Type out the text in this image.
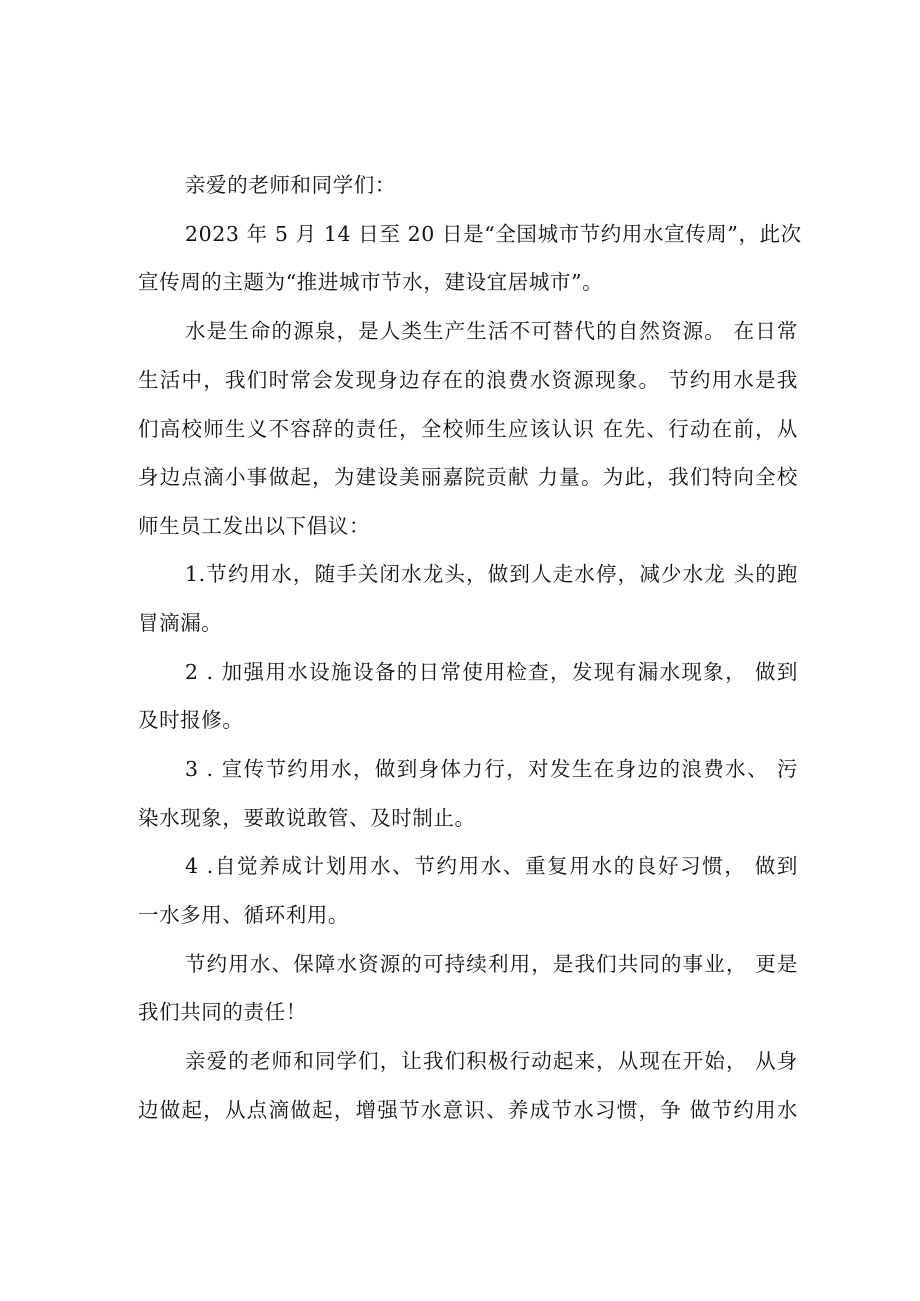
亲爱的老师和同学们：
2023 年 5 月 14 日至 20 日是“全国城市节约用水宣传周”，此次
宣传周的主题为“推进城市节水，建设宜居城市”。
水是生命的源泉，是人类生产生活不可替代的自然资源。 在日常
生活中，我们时常会发现身边存在的浪费水资源现象。 节约用水是我
们高校师生义不容辞的责任，全校师生应该认识 在先、行动在前，从
身边点滴小事做起，为建设美丽嘉院贡献 力量。为此，我们特向全校
师生员工发出以下倡议：
1.节约用水，随手关闭水龙头，做到人走水停，减少水龙 头的跑
冒滴漏。
2 . 加强用水设施设备的日常使用检查，发现有漏水现象， 做到
及时报修。
3 . 宣传节约用水，做到身体力行，对发生在身边的浪费水、 污
染水现象，要敢说敢管、及时制止。
4 .自觉养成计划用水、节约用水、重复用水的良好习惯， 做到
一水多用、循环利用。
节约用水、保障水资源的可持续利用，是我们共同的事业， 更是
我们共同的责任！
亲爱的老师和同学们，让我们积极行动起来，从现在开始， 从身
边做起，从点滴做起，增强节水意识、养成节水习惯，争 做节约用水
